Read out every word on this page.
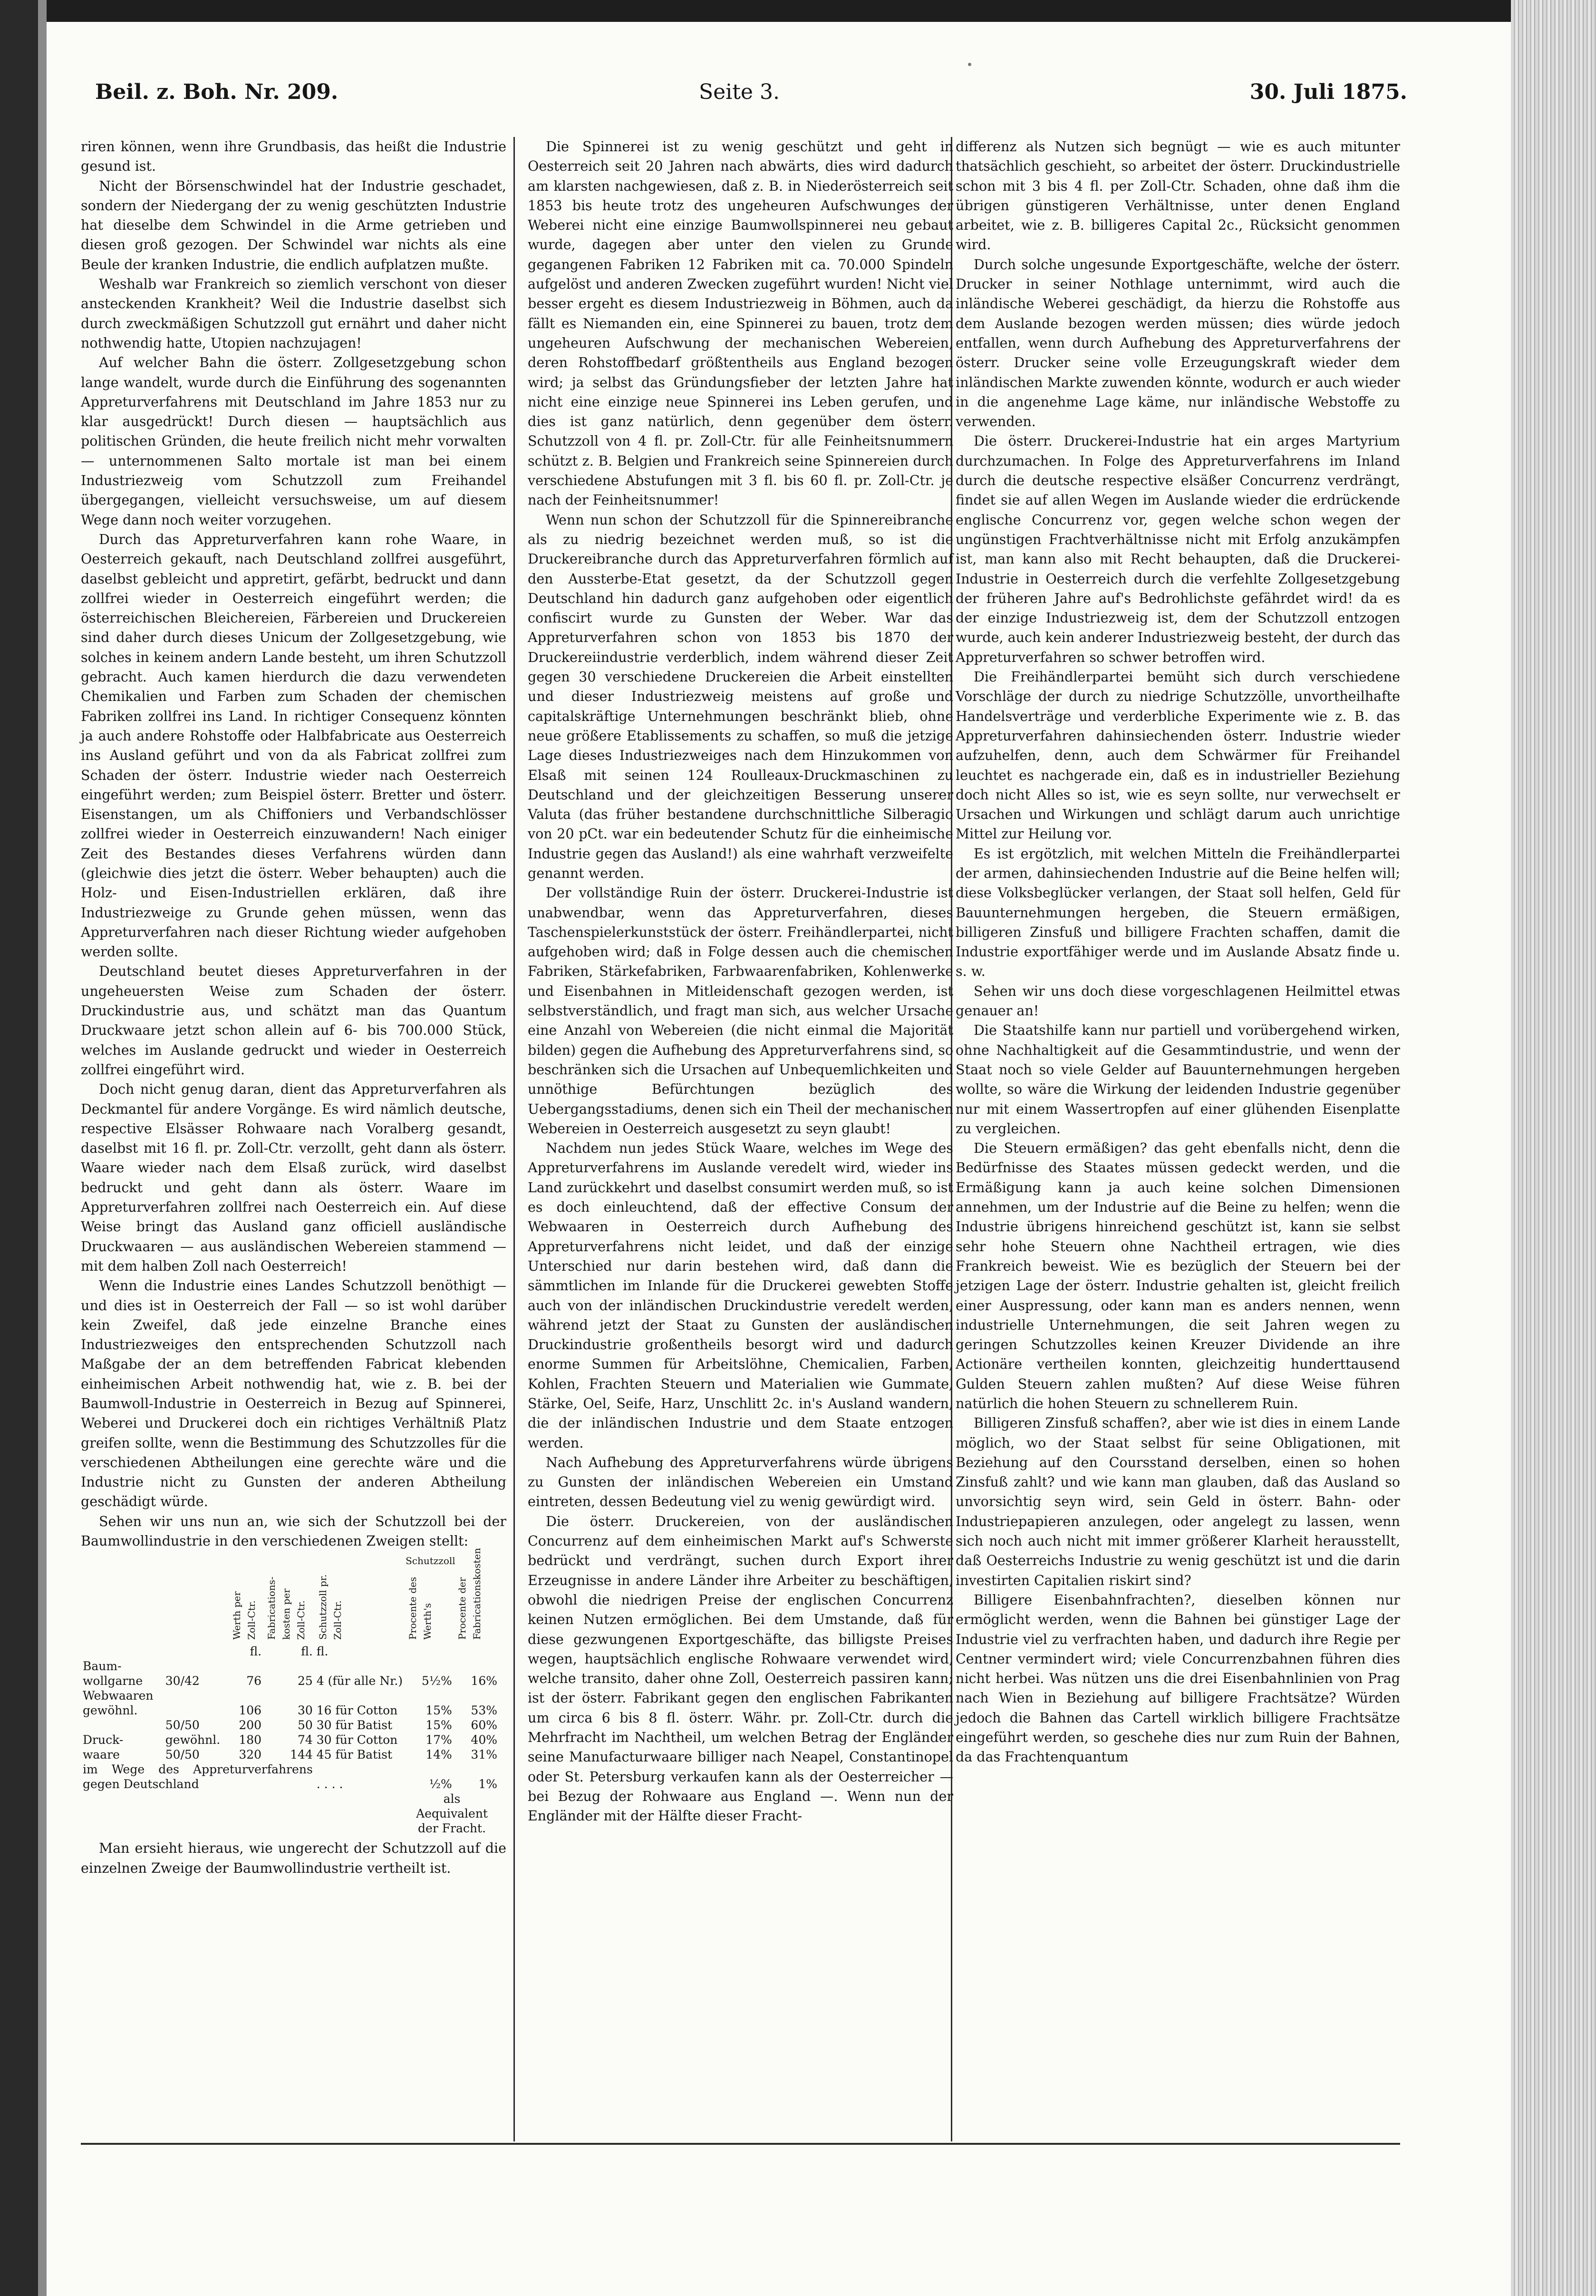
Beil. z. Boh. Nr. 209.	Seite 3.	30. Juli 1875.

riren können, wenn ihre Grundbasis, das heißt die Industrie gesund ist.

Nicht der Börsenschwindel hat der Industrie geschadet, sondern der Niedergang der zu wenig geschützten Industrie hat dieselbe dem Schwindel in die Arme getrieben und diesen groß gezogen. Der Schwindel war nichts als eine Beule der kranken Industrie, die endlich aufplatzen mußte.

Weshalb war Frankreich so ziemlich verschont von dieser ansteckenden Krankheit? Weil die Industrie daselbst sich durch zweckmäßigen Schutzzoll gut ernährt und daher nicht nothwendig hatte, Utopien nachzujagen!

Auf welcher Bahn die österr. Zollgesetzgebung schon lange wandelt, wurde durch die Einführung des sogenannten Appreturverfahrens mit Deutschland im Jahre 1853 nur zu klar ausgedrückt! Durch diesen — hauptsächlich aus politischen Gründen, die heute freilich nicht mehr vorwalten — unternommenen Salto mortale ist man bei einem Industriezweig vom Schutzzoll zum Freihandel übergegangen, vielleicht versuchsweise, um auf diesem Wege dann noch weiter vorzugehen.

Durch das Appreturverfahren kann rohe Waare, in Oesterreich gekauft, nach Deutschland zollfrei ausgeführt, daselbst gebleicht und appretirt, gefärbt, bedruckt und dann zollfrei wieder in Oesterreich eingeführt werden; die österreichischen Bleichereien, Färbereien und Druckereien sind daher durch dieses Unicum der Zollgesetzgebung, wie solches in keinem andern Lande besteht, um ihren Schutzzoll gebracht. Auch kamen hierdurch die dazu verwendeten Chemikalien und Farben zum Schaden der chemischen Fabriken zollfrei ins Land. In richtiger Consequenz könnten ja auch andere Rohstoffe oder Halbfabricate aus Oesterreich ins Ausland geführt und von da als Fabricat zollfrei zum Schaden der österr. Industrie wieder nach Oesterreich eingeführt werden; zum Beispiel österr. Bretter und österr. Eisenstangen, um als Chiffoniers und Verbandschlösser zollfrei wieder in Oesterreich einzuwandern! Nach einiger Zeit des Bestandes dieses Verfahrens würden dann (gleichwie dies jetzt die österr. Weber behaupten) auch die Holz- und Eisen-Industriellen erklären, daß ihre Industriezweige zu Grunde gehen müssen, wenn das Appreturverfahren nach dieser Richtung wieder aufgehoben werden sollte.

Deutschland beutet dieses Appreturverfahren in der ungeheuersten Weise zum Schaden der österr. Druckindustrie aus, und schätzt man das Quantum Druckwaare jetzt schon allein auf 6- bis 700.000 Stück, welches im Auslande gedruckt und wieder in Oesterreich zollfrei eingeführt wird.

Doch nicht genug daran, dient das Appreturverfahren als Deckmantel für andere Vorgänge. Es wird nämlich deutsche, respective Elsässer Rohwaare nach Voralberg gesandt, daselbst mit 16 fl. pr. Zoll-Ctr. verzollt, geht dann als österr. Waare wieder nach dem Elsaß zurück, wird daselbst bedruckt und geht dann als österr. Waare im Appreturverfahren zollfrei nach Oesterreich ein. Auf diese Weise bringt das Ausland ganz officiell ausländische Druckwaaren — aus ausländischen Webereien stammend — mit dem halben Zoll nach Oesterreich!

Wenn die Industrie eines Landes Schutzzoll benöthigt — und dies ist in Oesterreich der Fall — so ist wohl darüber kein Zweifel, daß jede einzelne Branche eines Industriezweiges den entsprechenden Schutzzoll nach Maßgabe der an dem betreffenden Fabricat klebenden einheimischen Arbeit nothwendig hat, wie z. B. bei der Baumwoll-Industrie in Oesterreich in Bezug auf Spinnerei, Weberei und Druckerei doch ein richtiges Verhältniß Platz greifen sollte, wenn die Bestimmung des Schutzzolles für die verschiedenen Abtheilungen eine gerechte wäre und die Industrie nicht zu Gunsten der anderen Abtheilung geschädigt würde.

Sehen wir uns nun an, wie sich der Schutzzoll bei der Baumwollindustrie in den verschiedenen Zweigen stellt:

					Schutzzoll	
		Werth per Zoll-Ctr.	Fabrications-kosten per Zoll-Ctr.	Schutzzoll pr. Zoll-Ctr.	Procente des Werth's	Procente der Fabricationskosten
		fl.	fl.	fl.		
Baum-						
wollgarne	30/42	76	25	4 (für alle Nr.)	5½%	16%
Webwaaren						
gewöhnl.		106	30	16 für Cotton	15%	53%
	50/50	200	50	30 für Batist	15%	60%
Druck-	gewöhnl.	180	74	30 für Cotton	17%	40%
waare	50/50	320	144	45 für Batist	14%	31%
im Wege des Appreturverfahrens gegen Deutschland				. . . .	½%	1%
					als Aequivalent der Fracht.	

Man ersieht hieraus, wie ungerecht der Schutzzoll auf die einzelnen Zweige der Baumwollindustrie vertheilt ist.

Die Spinnerei ist zu wenig geschützt und geht in Oesterreich seit 20 Jahren nach abwärts, dies wird dadurch am klarsten nachgewiesen, daß z. B. in Niederösterreich seit 1853 bis heute trotz des ungeheuren Aufschwunges der Weberei nicht eine einzige Baumwollspinnerei neu gebaut wurde, dagegen aber unter den vielen zu Grunde gegangenen Fabriken 12 Fabriken mit ca. 70.000 Spindeln aufgelöst und anderen Zwecken zugeführt wurden! Nicht viel besser ergeht es diesem Industriezweig in Böhmen, auch da fällt es Niemanden ein, eine Spinnerei zu bauen, trotz dem ungeheuren Aufschwung der mechanischen Webereien, deren Rohstoffbedarf größtentheils aus England bezogen wird; ja selbst das Gründungsfieber der letzten Jahre hat nicht eine einzige neue Spinnerei ins Leben gerufen, und dies ist ganz natürlich, denn gegenüber dem österr. Schutzzoll von 4 fl. pr. Zoll-Ctr. für alle Feinheitsnummern schützt z. B. Belgien und Frankreich seine Spinnereien durch verschiedene Abstufungen mit 3 fl. bis 60 fl. pr. Zoll-Ctr. je nach der Feinheitsnummer!

Wenn nun schon der Schutzzoll für die Spinnereibranche als zu niedrig bezeichnet werden muß, so ist die Druckereibranche durch das Appreturverfahren förmlich auf den Aussterbe-Etat gesetzt, da der Schutzzoll gegen Deutschland hin dadurch ganz aufgehoben oder eigentlich confiscirt wurde zu Gunsten der Weber. War das Appreturverfahren schon von 1853 bis 1870 der Druckereiindustrie verderblich, indem während dieser Zeit gegen 30 verschiedene Druckereien die Arbeit einstellten und dieser Industriezweig meistens auf große und capitalskräftige Unternehmungen beschränkt blieb, ohne neue größere Etablissements zu schaffen, so muß die jetzige Lage dieses Industriezweiges nach dem Hinzukommen von Elsaß mit seinen 124 Roulleaux-Druckmaschinen zu Deutschland und der gleichzeitigen Besserung unserer Valuta (das früher bestandene durchschnittliche Silberagio von 20 pCt. war ein bedeutender Schutz für die einheimische Industrie gegen das Ausland!) als eine wahrhaft verzweifelte genannt werden.

Der vollständige Ruin der österr. Druckerei-Industrie ist unabwendbar, wenn das Appreturverfahren, dieses Taschenspielerkunststück der österr. Freihändlerpartei, nicht aufgehoben wird; daß in Folge dessen auch die chemischen Fabriken, Stärkefabriken, Farbwaarenfabriken, Kohlenwerke und Eisenbahnen in Mitleidenschaft gezogen werden, ist selbstverständlich, und fragt man sich, aus welcher Ursache eine Anzahl von Webereien (die nicht einmal die Majorität bilden) gegen die Aufhebung des Appreturverfahrens sind, so beschränken sich die Ursachen auf Unbequemlichkeiten und unnöthige Befürchtungen bezüglich des Uebergangsstadiums, denen sich ein Theil der mechanischen Webereien in Oesterreich ausgesetzt zu seyn glaubt!

Nachdem nun jedes Stück Waare, welches im Wege des Appreturverfahrens im Auslande veredelt wird, wieder ins Land zurückkehrt und daselbst consumirt werden muß, so ist es doch einleuchtend, daß der effective Consum der Webwaaren in Oesterreich durch Aufhebung des Appreturverfahrens nicht leidet, und daß der einzige Unterschied nur darin bestehen wird, daß dann die sämmtlichen im Inlande für die Druckerei gewebten Stoffe auch von der inländischen Druckindustrie veredelt werden, während jetzt der Staat zu Gunsten der ausländischen Druckindustrie großentheils besorgt wird und dadurch enorme Summen für Arbeitslöhne, Chemicalien, Farben, Kohlen, Frachten Steuern und Materialien wie Gummate, Stärke, Oel, Seife, Harz, Unschlitt 2c. in's Ausland wandern, die der inländischen Industrie und dem Staate entzogen werden.

Nach Aufhebung des Appreturverfahrens würde übrigens zu Gunsten der inländischen Webereien ein Umstand eintreten, dessen Bedeutung viel zu wenig gewürdigt wird.

Die österr. Druckereien, von der ausländischen Concurrenz auf dem einheimischen Markt auf's Schwerste bedrückt und verdrängt, suchen durch Export ihrer Erzeugnisse in andere Länder ihre Arbeiter zu beschäftigen, obwohl die niedrigen Preise der englischen Concurrenz keinen Nutzen ermöglichen. Bei dem Umstande, daß für diese gezwungenen Exportgeschäfte, das billigste Preises wegen, hauptsächlich englische Rohwaare verwendet wird, welche transito, daher ohne Zoll, Oesterreich passiren kann; ist der österr. Fabrikant gegen den englischen Fabrikanten um circa 6 bis 8 fl. österr. Währ. pr. Zoll-Ctr. durch die Mehrfracht im Nachtheil, um welchen Betrag der Engländer seine Manufacturwaare billiger nach Neapel, Constantinopel oder St. Petersburg verkaufen kann als der Oesterreicher — bei Bezug der Rohwaare aus England —. Wenn nun der Engländer mit der Hälfte dieser Fracht-

differenz als Nutzen sich begnügt — wie es auch mitunter thatsächlich geschieht, so arbeitet der österr. Druckindustrielle schon mit 3 bis 4 fl. per Zoll-Ctr. Schaden, ohne daß ihm die übrigen günstigeren Verhältnisse, unter denen England arbeitet, wie z. B. billigeres Capital 2c., Rücksicht genommen wird.

Durch solche ungesunde Exportgeschäfte, welche der österr. Drucker in seiner Nothlage unternimmt, wird auch die inländische Weberei geschädigt, da hierzu die Rohstoffe aus dem Auslande bezogen werden müssen; dies würde jedoch entfallen, wenn durch Aufhebung des Appreturverfahrens der österr. Drucker seine volle Erzeugungskraft wieder dem inländischen Markte zuwenden könnte, wodurch er auch wieder in die angenehme Lage käme, nur inländische Webstoffe zu verwenden.

Die österr. Druckerei-Industrie hat ein arges Martyrium durchzumachen. In Folge des Appreturverfahrens im Inland durch die deutsche respective elsäßer Concurrenz verdrängt, findet sie auf allen Wegen im Auslande wieder die erdrückende englische Concurrenz vor, gegen welche schon wegen der ungünstigen Frachtverhältnisse nicht mit Erfolg anzukämpfen ist, man kann also mit Recht behaupten, daß die Druckerei-Industrie in Oesterreich durch die verfehlte Zollgesetzgebung der früheren Jahre auf's Bedrohlichste gefährdet wird! da es der einzige Industriezweig ist, dem der Schutzzoll entzogen wurde, auch kein anderer Industriezweig besteht, der durch das Appreturverfahren so schwer betroffen wird.

Die Freihändlerpartei bemüht sich durch verschiedene Vorschläge der durch zu niedrige Schutzzölle, unvortheilhafte Handelsverträge und verderbliche Experimente wie z. B. das Appreturverfahren dahinsiechenden österr. Industrie wieder aufzuhelfen, denn, auch dem Schwärmer für Freihandel leuchtet es nachgerade ein, daß es in industrieller Beziehung doch nicht Alles so ist, wie es seyn sollte, nur verwechselt er Ursachen und Wirkungen und schlägt darum auch unrichtige Mittel zur Heilung vor.

Es ist ergötzlich, mit welchen Mitteln die Freihändlerpartei der armen, dahinsiechenden Industrie auf die Beine helfen will; diese Volksbeglücker verlangen, der Staat soll helfen, Geld für Bauunternehmungen hergeben, die Steuern ermäßigen, billigeren Zinsfuß und billigere Frachten schaffen, damit die Industrie exportfähiger werde und im Auslande Absatz finde u. s. w.

Sehen wir uns doch diese vorgeschlagenen Heilmittel etwas genauer an!

Die Staatshilfe kann nur partiell und vorübergehend wirken, ohne Nachhaltigkeit auf die Gesammtindustrie, und wenn der Staat noch so viele Gelder auf Bauunternehmungen hergeben wollte, so wäre die Wirkung der leidenden Industrie gegenüber nur mit einem Wassertropfen auf einer glühenden Eisenplatte zu vergleichen.

Die Steuern ermäßigen? das geht ebenfalls nicht, denn die Bedürfnisse des Staates müssen gedeckt werden, und die Ermäßigung kann ja auch keine solchen Dimensionen annehmen, um der Industrie auf die Beine zu helfen; wenn die Industrie übrigens hinreichend geschützt ist, kann sie selbst sehr hohe Steuern ohne Nachtheil ertragen, wie dies Frankreich beweist. Wie es bezüglich der Steuern bei der jetzigen Lage der österr. Industrie gehalten ist, gleicht freilich einer Auspressung, oder kann man es anders nennen, wenn industrielle Unternehmungen, die seit Jahren wegen zu geringen Schutzzolles keinen Kreuzer Dividende an ihre Actionäre vertheilen konnten, gleichzeitig hunderttausend Gulden Steuern zahlen mußten? Auf diese Weise führen natürlich die hohen Steuern zu schnellerem Ruin.

Billigeren Zinsfuß schaffen?, aber wie ist dies in einem Lande möglich, wo der Staat selbst für seine Obligationen, mit Beziehung auf den Coursstand derselben, einen so hohen Zinsfuß zahlt? und wie kann man glauben, daß das Ausland so unvorsichtig seyn wird, sein Geld in österr. Bahn- oder Industriepapieren anzulegen, oder angelegt zu lassen, wenn sich noch auch nicht mit immer größerer Klarheit herausstellt, daß Oesterreichs Industrie zu wenig geschützt ist und die darin investirten Capitalien riskirt sind?

Billigere Eisenbahnfrachten?, dieselben können nur ermöglicht werden, wenn die Bahnen bei günstiger Lage der Industrie viel zu verfrachten haben, und dadurch ihre Regie per Centner vermindert wird; viele Concurrenzbahnen führen dies nicht herbei. Was nützen uns die drei Eisenbahnlinien von Prag nach Wien in Beziehung auf billigere Frachtsätze? Würden jedoch die Bahnen das Cartell wirklich billigere Frachtsätze eingeführt werden, so geschehe dies nur zum Ruin der Bahnen, da das Frachtenquantum
